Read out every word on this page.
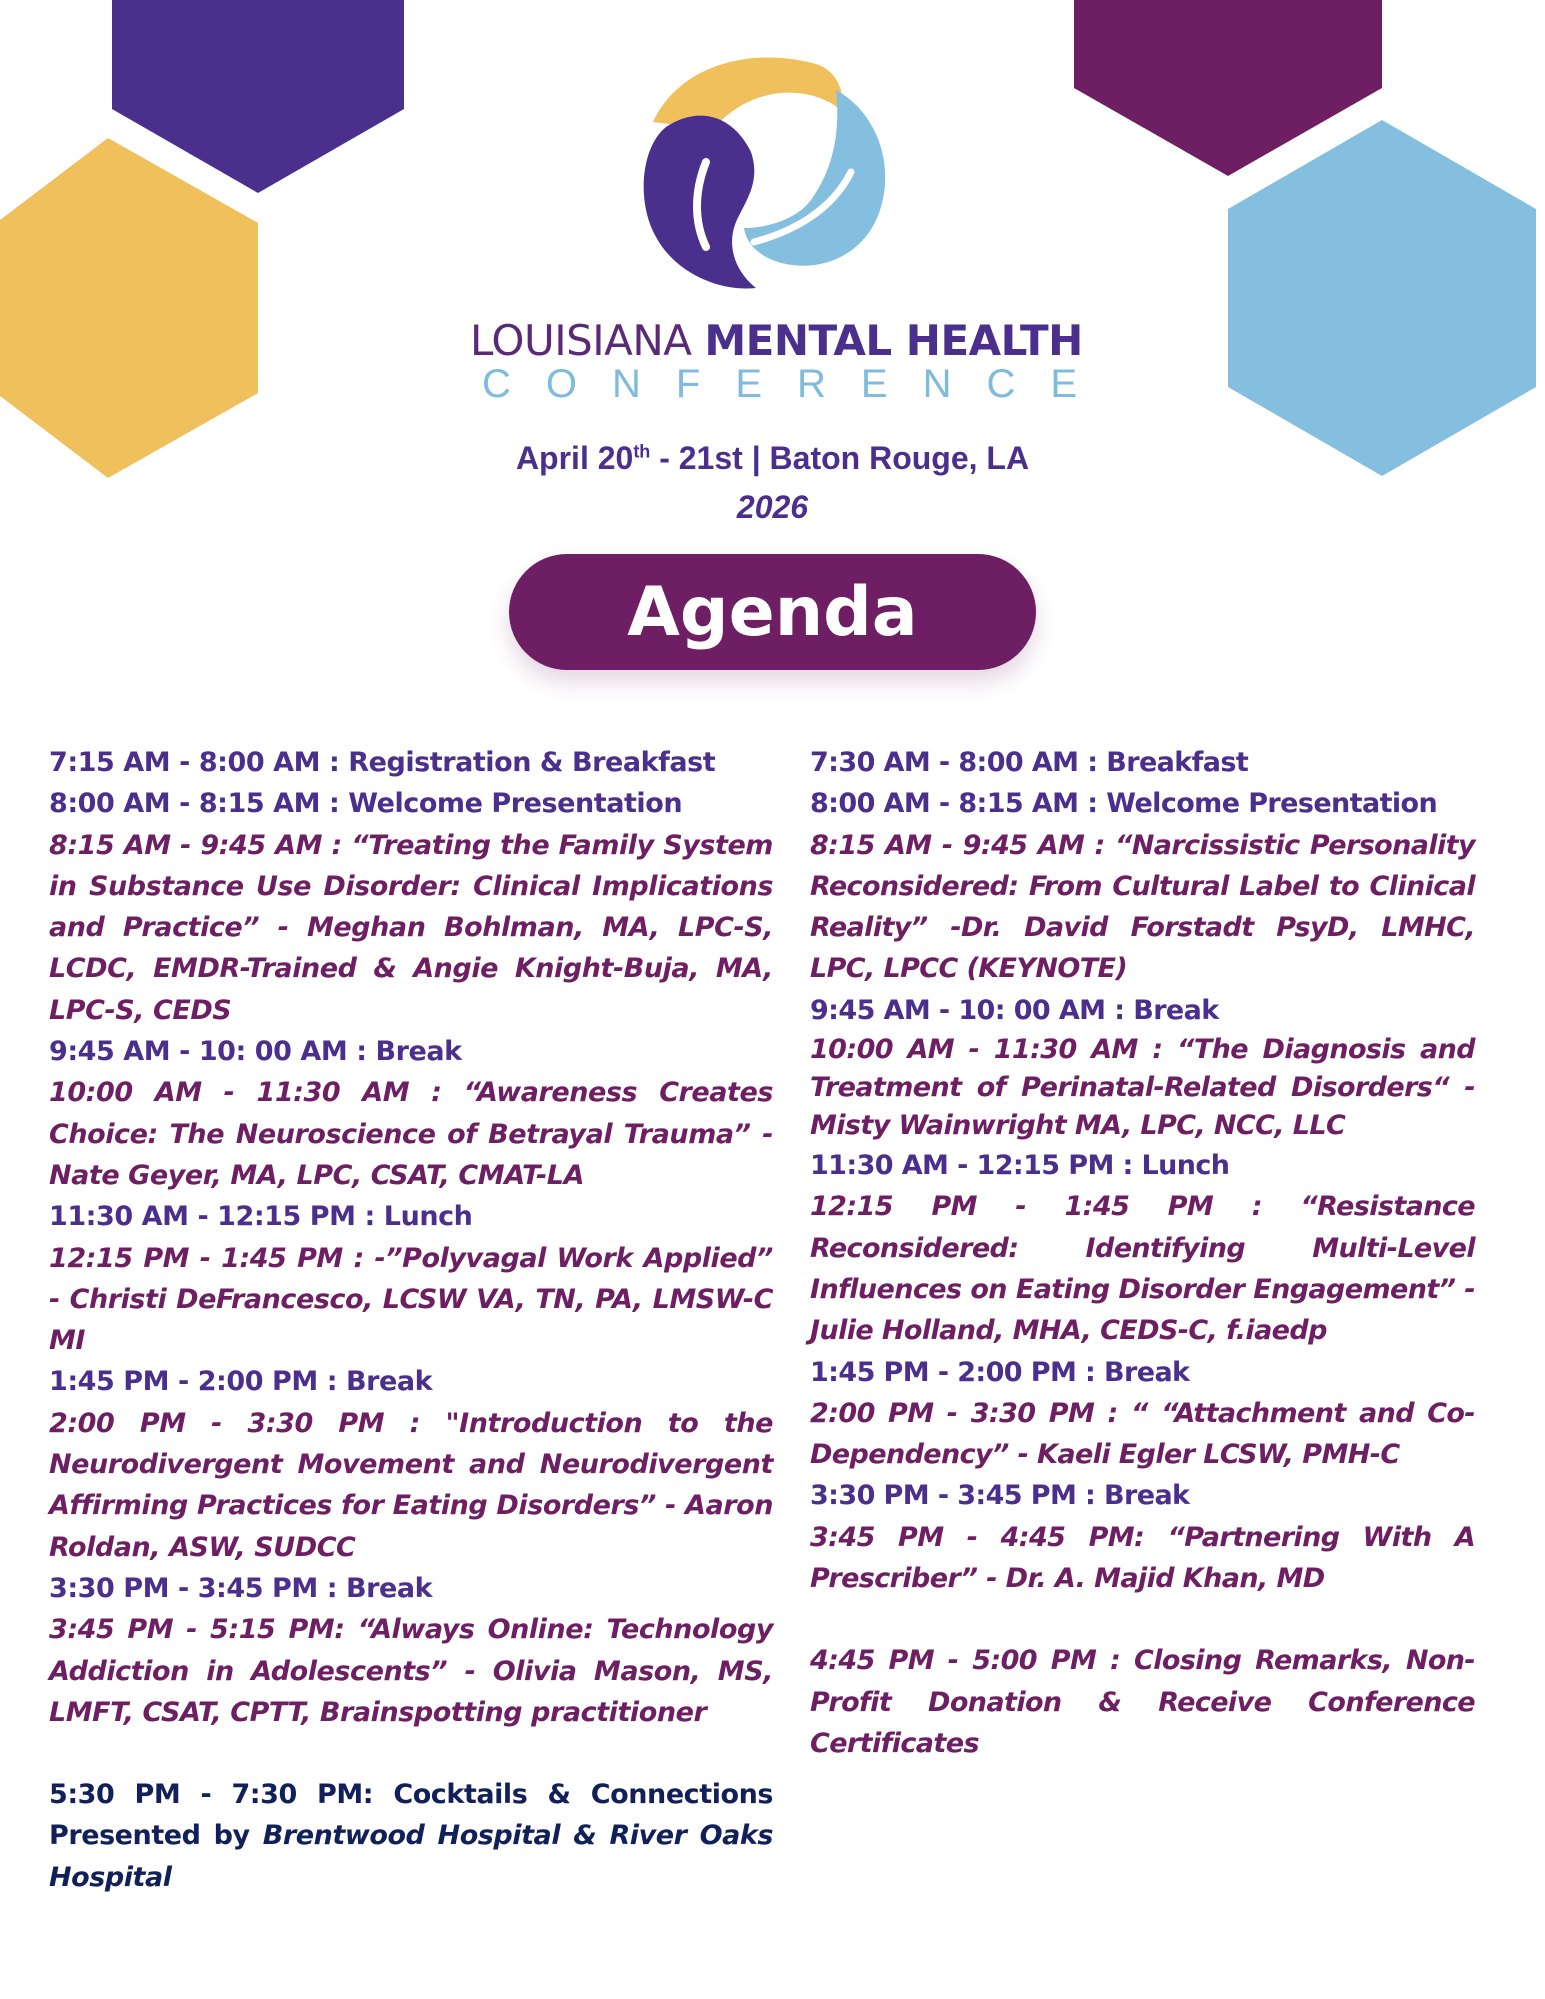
LOUISIANA MENTAL HEALTH
CONFERENCE
April 20th - 21st | Baton Rouge, LA
2026
Agenda

7:15 AM - 8:00 AM : Registration & Breakfast

8:00 AM - 8:15 AM : Welcome Presentation

8:15 AM - 9:45 AM : “Treating the Family System in Substance Use Disorder: Clinical Implications and Practice” - Meghan Bohlman, MA, LPC-S, LCDC, EMDR-Trained & Angie Knight-Buja, MA, LPC-S, CEDS

9:45 AM - 10: 00 AM : Break

10:00 AM - 11:30 AM : “Awareness Creates Choice: The Neuroscience of Betrayal Trauma” - Nate Geyer, MA, LPC, CSAT, CMAT-LA

11:30 AM - 12:15 PM : Lunch

12:15 PM - 1:45 PM : -”Polyvagal Work Applied” - Christi DeFrancesco, LCSW VA, TN, PA, LMSW-C MI

1:45 PM - 2:00 PM : Break

2:00 PM - 3:30 PM : "Introduction to the Neurodivergent Movement and Neurodivergent Affirming Practices for Eating Disorders” - Aaron Roldan, ASW, SUDCC

3:30 PM - 3:45 PM : Break

3:45 PM - 5:15 PM: “Always Online: Technology Addiction in Adolescents” - Olivia Mason, MS, LMFT, CSAT, CPTT, Brainspotting practitioner

5:30 PM - 7:30 PM: Cocktails & Connections Presented by Brentwood Hospital & River Oaks Hospital

7:30 AM - 8:00 AM : Breakfast

8:00 AM - 8:15 AM : Welcome Presentation

8:15 AM - 9:45 AM : “Narcissistic Personality Reconsidered: From Cultural Label to Clinical Reality” -Dr. David Forstadt PsyD, LMHC, LPC, LPCC (KEYNOTE)

9:45 AM - 10: 00 AM : Break

10:00 AM - 11:30 AM : “The Diagnosis and Treatment of Perinatal-Related Disorders“ - Misty Wainwright MA, LPC, NCC, LLC

11:30 AM - 12:15 PM : Lunch

12:15 PM - 1:45 PM : “Resistance Reconsidered: Identifying Multi-Level Influences on Eating Disorder Engagement” - Julie Holland, MHA, CEDS-C, f.iaedp

1:45 PM - 2:00 PM : Break

2:00 PM - 3:30 PM : “ “Attachment and Co-Dependency” - Kaeli Egler LCSW, PMH-C

3:30 PM - 3:45 PM : Break

3:45 PM - 4:45 PM: “Partnering With A Prescriber” - Dr. A. Majid Khan, MD

4:45 PM - 5:00 PM : Closing Remarks, Non-Profit Donation & Receive Conference Certificates
